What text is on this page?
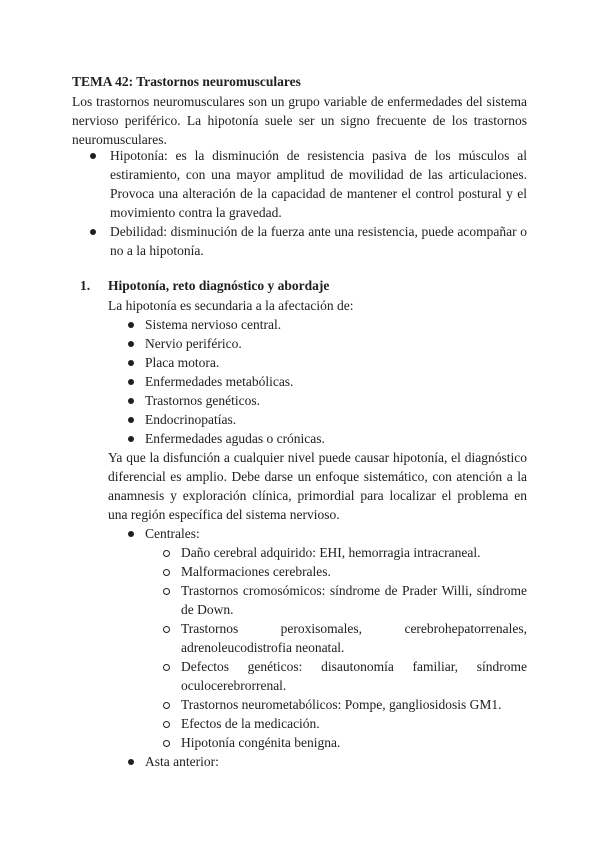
TEMA 42: Trastornos neuromusculares
Los trastornos neuromusculares son un grupo variable de enfermedades del sistema nervioso periférico. La hipotonía suele ser un signo frecuente de los trastornos neuromusculares.
Hipotonía: es la disminución de resistencia pasiva de los músculos al estiramiento, con una mayor amplitud de movilidad de las articulaciones. Provoca una alteración de la capacidad de mantener el control postural y el movimiento contra la gravedad.
Debilidad: disminución de la fuerza ante una resistencia, puede acompañar o no a la hipotonía.
1. Hipotonía, reto diagnóstico y abordaje
La hipotonía es secundaria a la afectación de:
Sistema nervioso central.
Nervio periférico.
Placa motora.
Enfermedades metabólicas.
Trastornos genéticos.
Endocrinopatías.
Enfermedades agudas o crónicas.
Ya que la disfunción a cualquier nivel puede causar hipotonía, el diagnóstico diferencial es amplio. Debe darse un enfoque sistemático, con atención a la anamnesis y exploración clínica, primordial para localizar el problema en una región específica del sistema nervioso.
Centrales:
Daño cerebral adquirido: EHI, hemorragia intracraneal.
Malformaciones cerebrales.
Trastornos cromosómicos: síndrome de Prader Willi, síndrome de Down.
Trastornos peroxisomales, cerebrohepatorrenales, adrenoleucodistrofia neonatal.
Defectos genéticos: disautonomía familiar, síndrome oculocerebrorrenal.
Trastornos neurometabólicos: Pompe, gangliosidosis GM1.
Efectos de la medicación.
Hipotonía congénita benigna.
Asta anterior:
